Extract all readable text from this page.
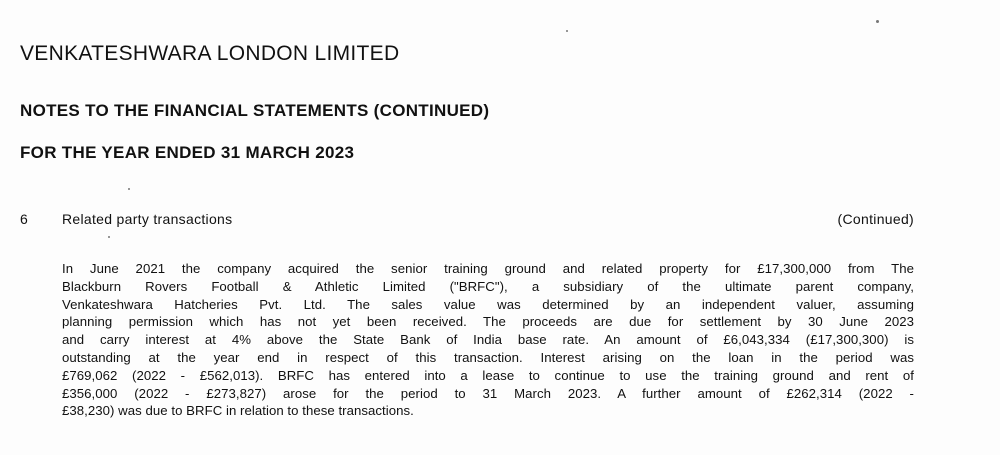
VENKATESHWARA LONDON LIMITED
NOTES TO THE FINANCIAL STATEMENTS (CONTINUED)
FOR THE YEAR ENDED 31 MARCH 2023
6 Related party transactions	(Continued)
In June 2021 the company acquired the senior training ground and related property for £17,300,000 from The
Blackburn Rovers Football & Athletic Limited ("BRFC"), a subsidiary of the ultimate parent company,
Venkateshwara Hatcheries Pvt. Ltd. The sales value was determined by an independent valuer, assuming
planning permission which has not yet been received. The proceeds are due for settlement by 30 June 2023
and carry interest at 4% above the State Bank of India base rate. An amount of £6,043,334 (£17,300,300) is
outstanding at the year end in respect of this transaction. Interest arising on the loan in the period was
£769,062 (2022 - £562,013). BRFC has entered into a lease to continue to use the training ground and rent of
£356,000 (2022 - £273,827) arose for the period to 31 March 2023. A further amount of £262,314 (2022 -
£38,230) was due to BRFC in relation to these transactions.
